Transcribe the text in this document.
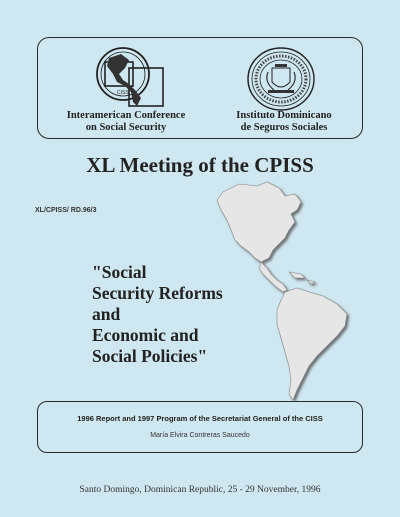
CISS
Interamerican Conference
on Social Security
Instituto Dominicano
de Seguros Sociales
XL Meeting of the CPISS
XL/CPISS/ RD.96/3
"Social
Security Reforms
and
Economic and
Social Policies"
1996 Report and 1997 Program of the Secretariat General of the CISS
María Elvira Contreras Saucedo
Santo Domingo, Dominican Republic, 25 - 29 November, 1996
